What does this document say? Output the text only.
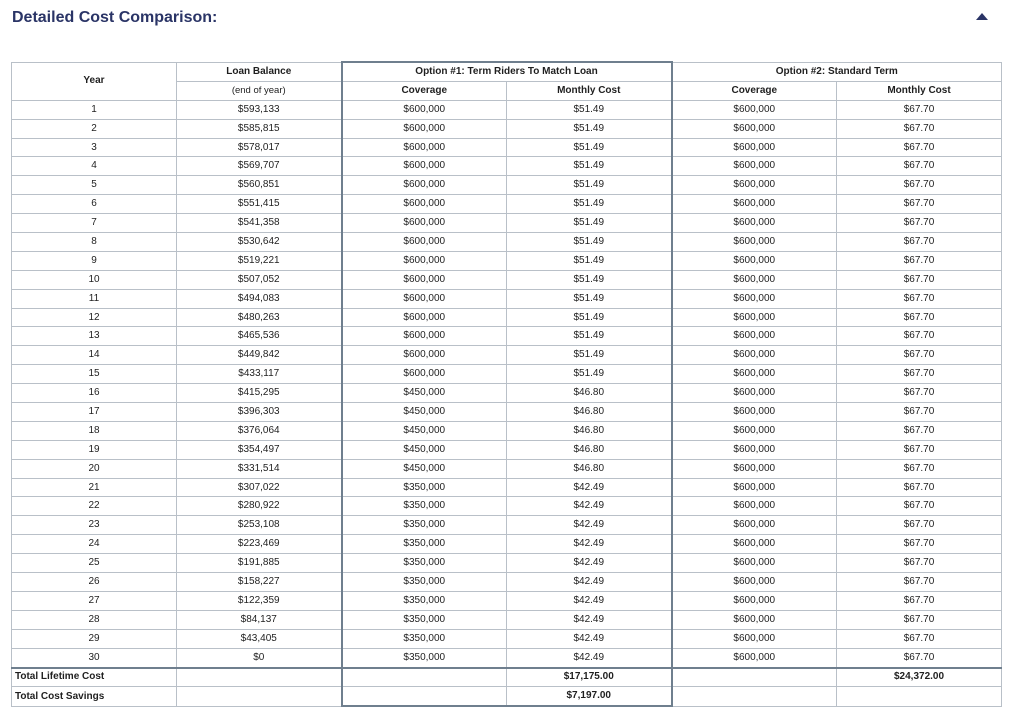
Detailed Cost Comparison:
Year	Loan Balance	Option #1: Term Riders To Match Loan		Option #2: Standard Term	
	(end of year)	Coverage	Monthly Cost	Coverage	Monthly Cost
1	$593,133	$600,000	$51.49	$600,000	$67.70
2	$585,815	$600,000	$51.49	$600,000	$67.70
3	$578,017	$600,000	$51.49	$600,000	$67.70
4	$569,707	$600,000	$51.49	$600,000	$67.70
5	$560,851	$600,000	$51.49	$600,000	$67.70
6	$551,415	$600,000	$51.49	$600,000	$67.70
7	$541,358	$600,000	$51.49	$600,000	$67.70
8	$530,642	$600,000	$51.49	$600,000	$67.70
9	$519,221	$600,000	$51.49	$600,000	$67.70
10	$507,052	$600,000	$51.49	$600,000	$67.70
11	$494,083	$600,000	$51.49	$600,000	$67.70
12	$480,263	$600,000	$51.49	$600,000	$67.70
13	$465,536	$600,000	$51.49	$600,000	$67.70
14	$449,842	$600,000	$51.49	$600,000	$67.70
15	$433,117	$600,000	$51.49	$600,000	$67.70
16	$415,295	$450,000	$46.80	$600,000	$67.70
17	$396,303	$450,000	$46.80	$600,000	$67.70
18	$376,064	$450,000	$46.80	$600,000	$67.70
19	$354,497	$450,000	$46.80	$600,000	$67.70
20	$331,514	$450,000	$46.80	$600,000	$67.70
21	$307,022	$350,000	$42.49	$600,000	$67.70
22	$280,922	$350,000	$42.49	$600,000	$67.70
23	$253,108	$350,000	$42.49	$600,000	$67.70
24	$223,469	$350,000	$42.49	$600,000	$67.70
25	$191,885	$350,000	$42.49	$600,000	$67.70
26	$158,227	$350,000	$42.49	$600,000	$67.70
27	$122,359	$350,000	$42.49	$600,000	$67.70
28	$84,137	$350,000	$42.49	$600,000	$67.70
29	$43,405	$350,000	$42.49	$600,000	$67.70
30	$0	$350,000	$42.49	$600,000	$67.70
Total Lifetime Cost			$17,175.00		$24,372.00
Total Cost Savings			$7,197.00		
